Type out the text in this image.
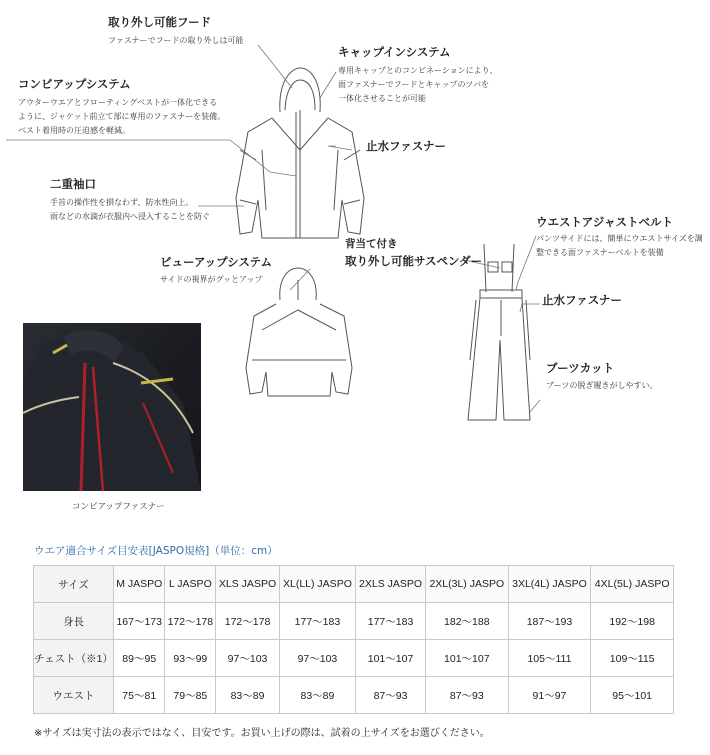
取り外し可能フード
ファスナーでフードの取り外しは可能
キャップインシステム
専用キャップとのコンビネーションにより、
面ファスナーでフードとキャップのツバを
一体化させることが可能
コンビアップシステム
アウターウエアとフローティングベストが一体化できる
ように、ジャケット前立て部に専用のファスナーを装備。
ベスト着用時の圧迫感を軽減。
止水ファスナー
二重袖口
手首の操作性を損なわず、防水性向上。
雨などの水滴が衣服内へ浸入することを防ぐ	ウエストアジャストベルト
パンツサイドには、簡単にウエストサイズを調
整できる面ファスナーベルトを装備
背当て付き
取り外し可能サスペンダー
ビューアップシステム
サイドの視界がグッとアップ
止水ファスナー
ブーツカット
ブーツの脱ぎ履きがしやすい。
コンビアップファスナー
ウエア適合サイズ目安表[JASPO規格]（単位：cm）
サイズ	M JASPO	L JASPO	XLS JASPO	XL(LL) JASPO	2XLS JASPO	2XL(3L) JASPO	3XL(4L) JASPO	4XL(5L) JASPO
身長	167〜173	172〜178	172〜178	177〜183	177〜183	182〜188	187〜193	192〜198
チェスト（※1）	89〜95	93〜99	97〜103	97〜103	101〜107	101〜107	105〜111	109〜115
ウエスト	75〜81	79〜85	83〜89	83〜89	87〜93	87〜93	91〜97	95〜101
※サイズは実寸法の表示ではなく、目安です。お買い上げの際は、試着の上サイズをお選びください。
